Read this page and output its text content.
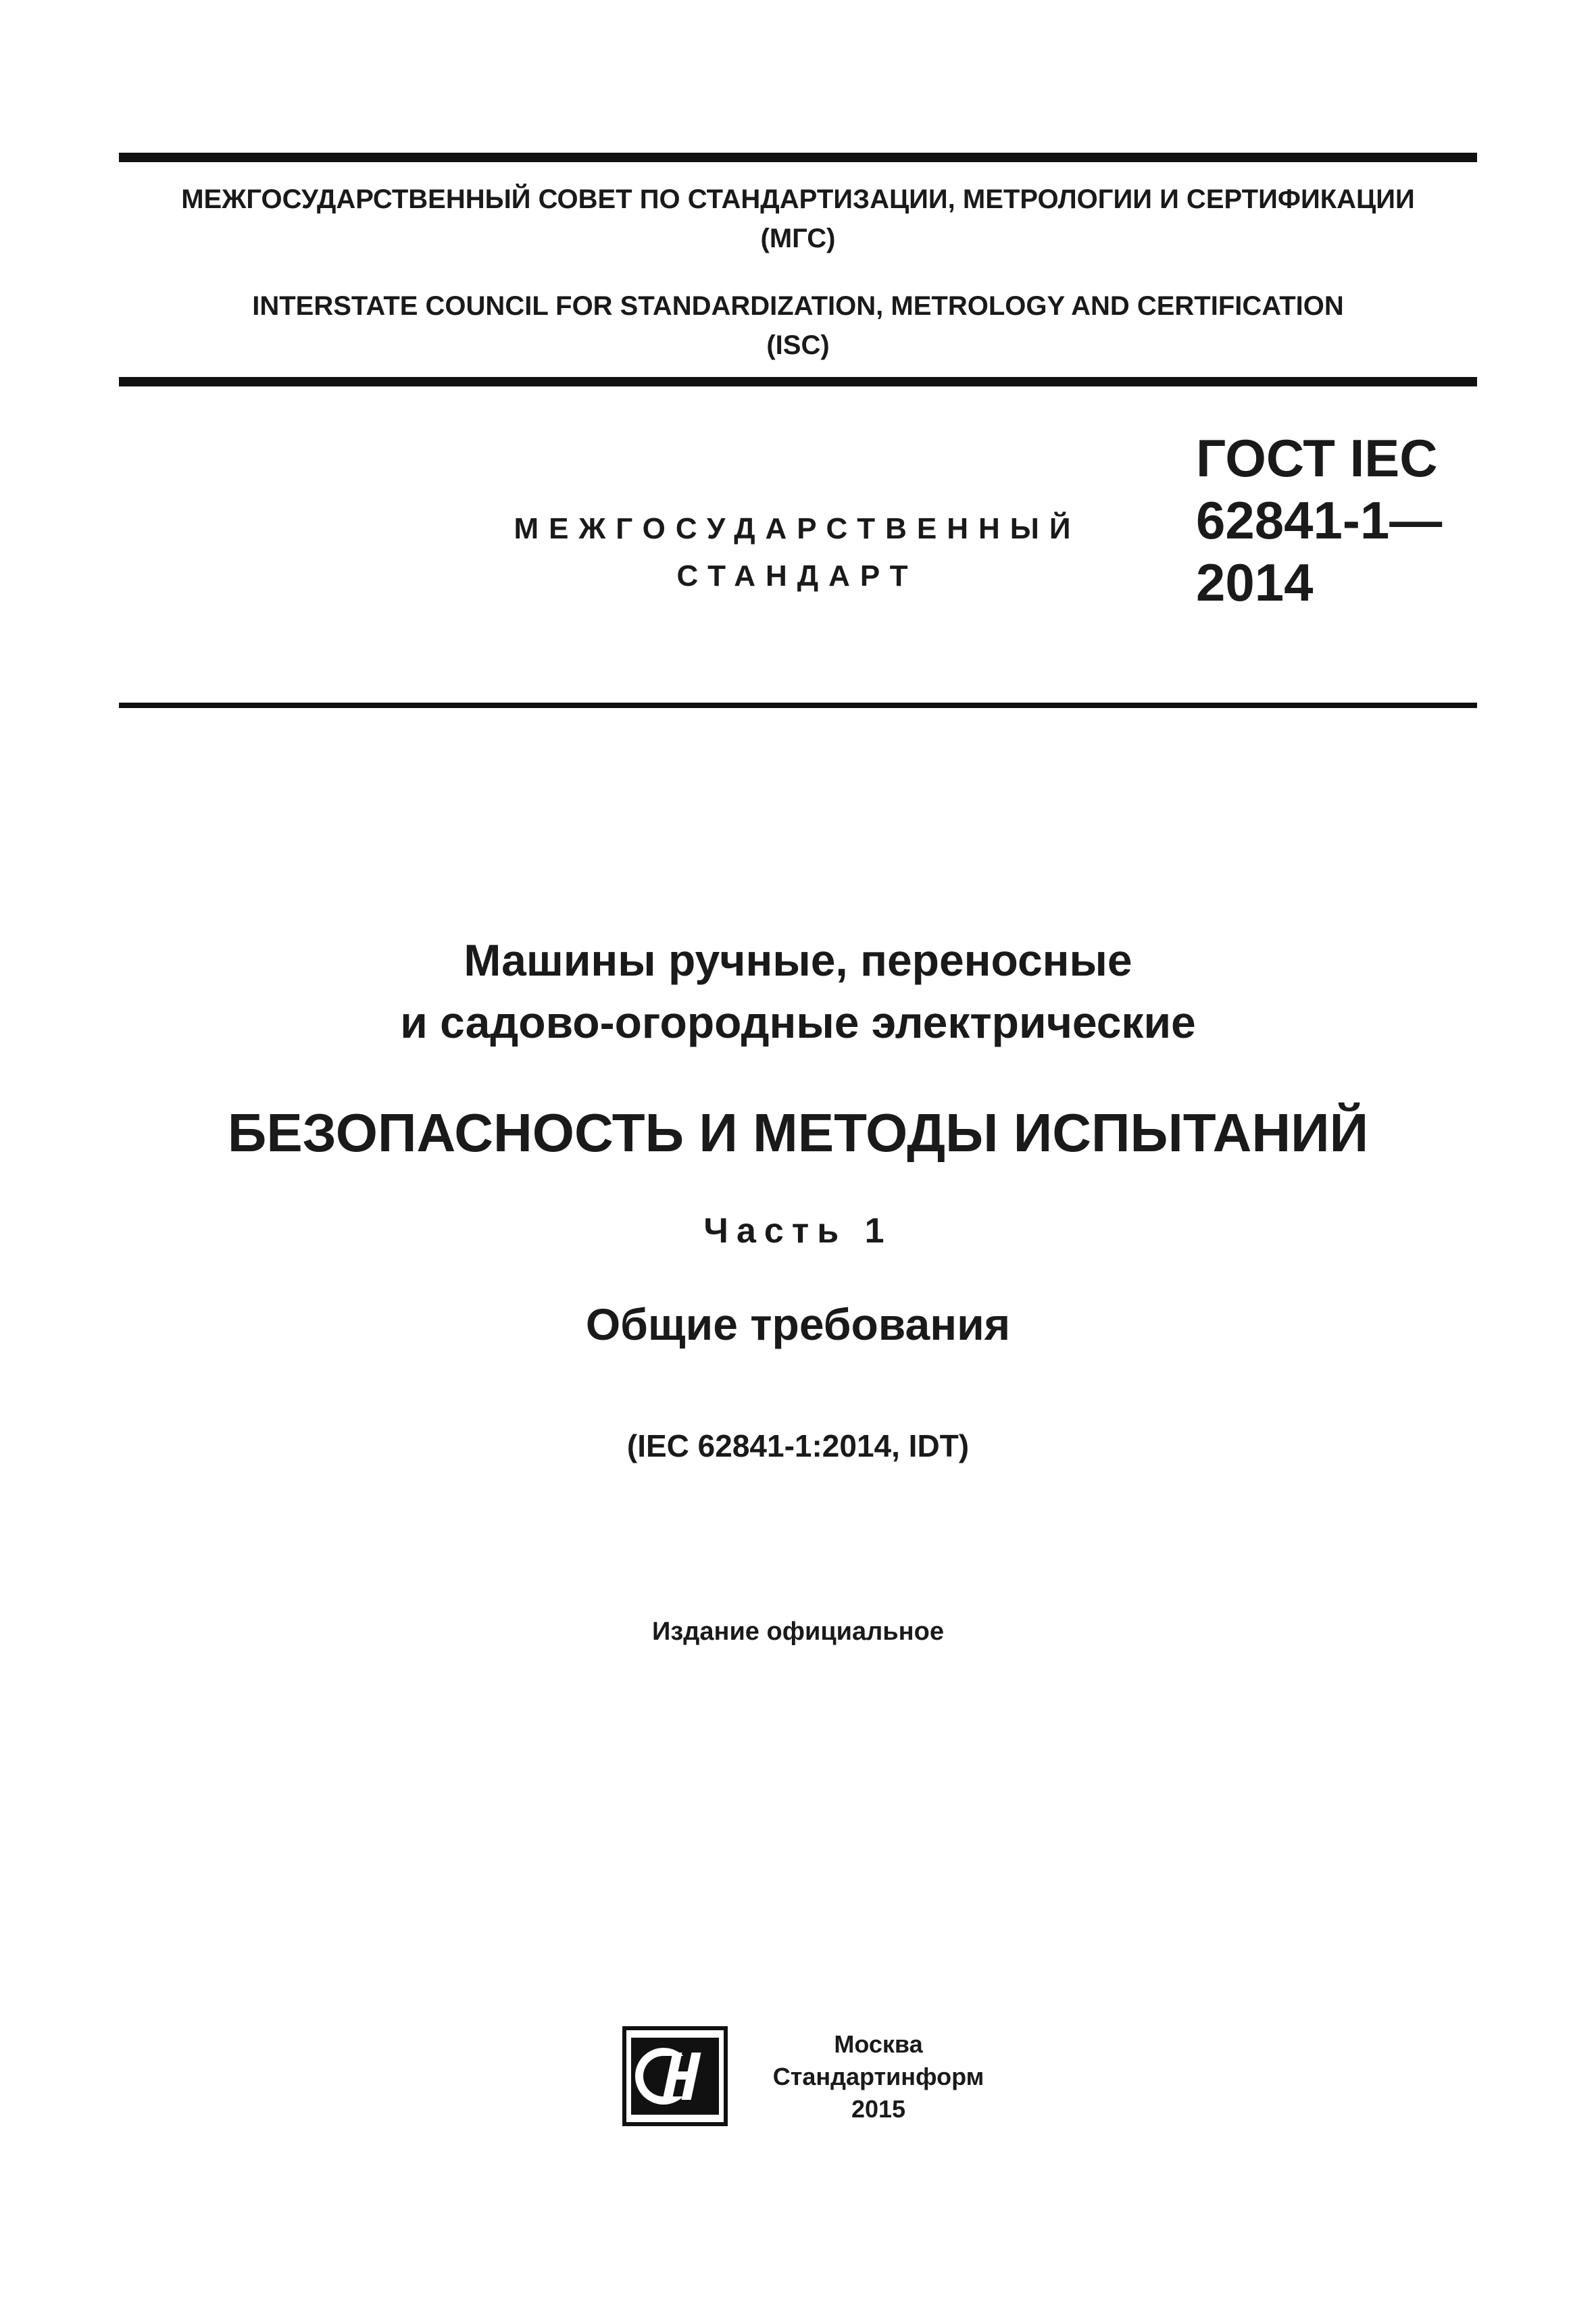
МЕЖГОСУДАРСТВЕННЫЙ СОВЕТ ПО СТАНДАРТИЗАЦИИ, МЕТРОЛОГИИ И СЕРТИФИКАЦИИ
(МГС)
INTERSTATE COUNCIL FOR STANDARDIZATION, METROLOGY AND CERTIFICATION
(ISC)
МЕЖГОСУДАРСТВЕННЫЙ
СТАНДАРТ
ГОСТ IEC
62841-1—
2014
Машины ручные, переносные
и садово-огородные электрические
БЕЗОПАСНОСТЬ И МЕТОДЫ ИСПЫТАНИЙ
Часть 1
Общие требования
(IEC 62841-1:2014, IDT)
Издание официальное
Москва
Стандартинформ
2015
